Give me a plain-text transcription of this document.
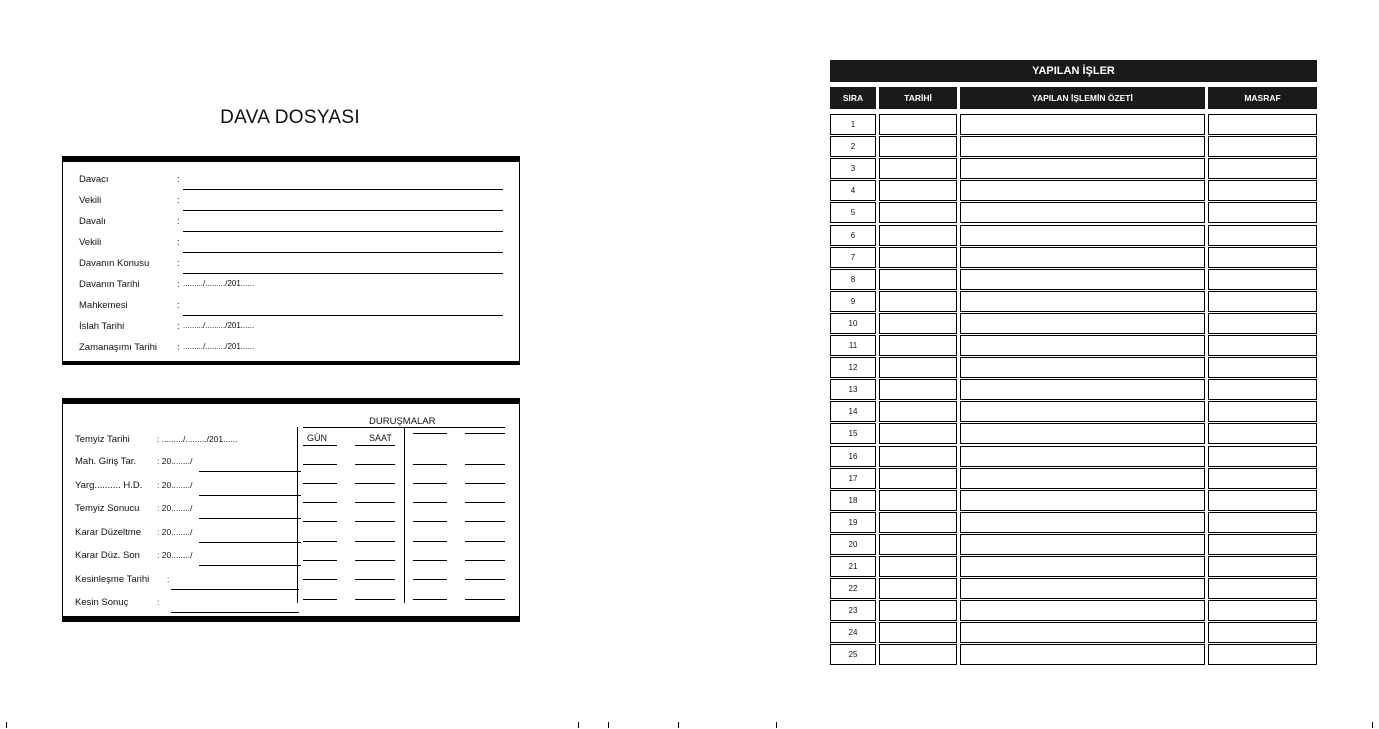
DAVA DOSYASI
Davacı	:
Vekili	:
Davalı	:
Vekili	:
Davanın Konusu	:
Davanın Tarihi	: ........./........./201......
Mahkemesi	:
İslah Tarihi	: ........./........./201......
Zamanaşımı Tarihi : ........./........./201......
DURUŞMALAR
Temyiz Tarihi	: ........./........./201......
Mah. Giriş Tar. : 20......../
Yarg.......... H.D. : 20......../
Temyiz Sonucu : 20......../
Karar Düzeltme : 20......../
Karar Düz. Son : 20......../
Kesinleşme Tarihi :
Kesin Sonuç	:
GÜN	SAAT
YAPILAN İŞLER
SIRA	TARİHİ	YAPILAN İŞLEMİN ÖZETİ	MASRAF
1
2
3
4
5
6
7
8
9
10
11
12
13
14
15
16
17
18
19
20
21
22
23
24
25
